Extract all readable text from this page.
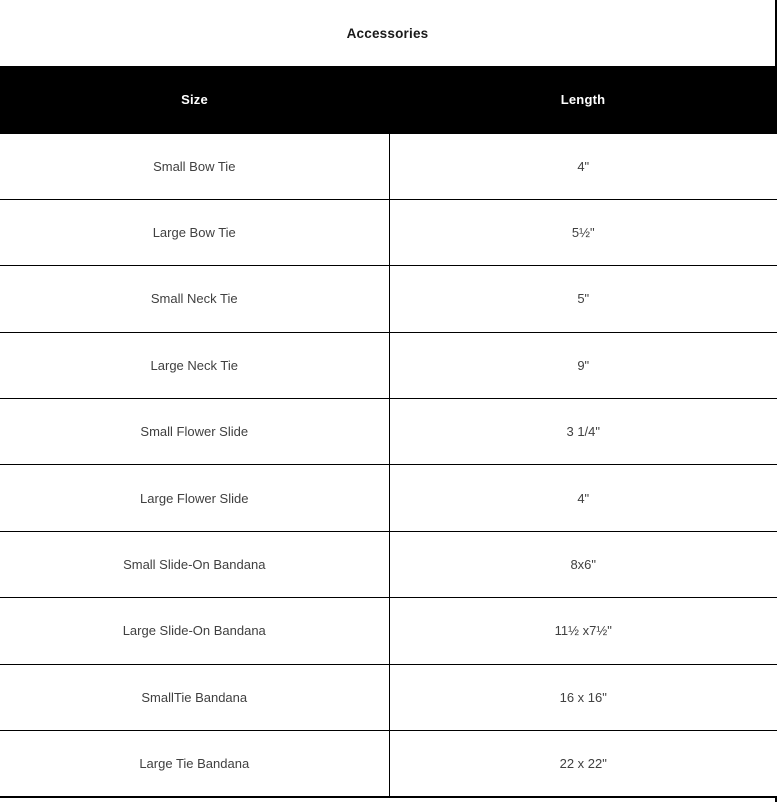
Accessories
Size	Length
Small Bow Tie	4"
Large Bow Tie	5½"
Small Neck Tie	5"
Large Neck Tie	9"
Small Flower Slide	3 1/4"
Large Flower Slide	4"
Small Slide-On Bandana	8x6"
Large Slide-On Bandana	11½ x7½"
SmallTie Bandana	16 x 16"
Large Tie Bandana	22 x 22"
